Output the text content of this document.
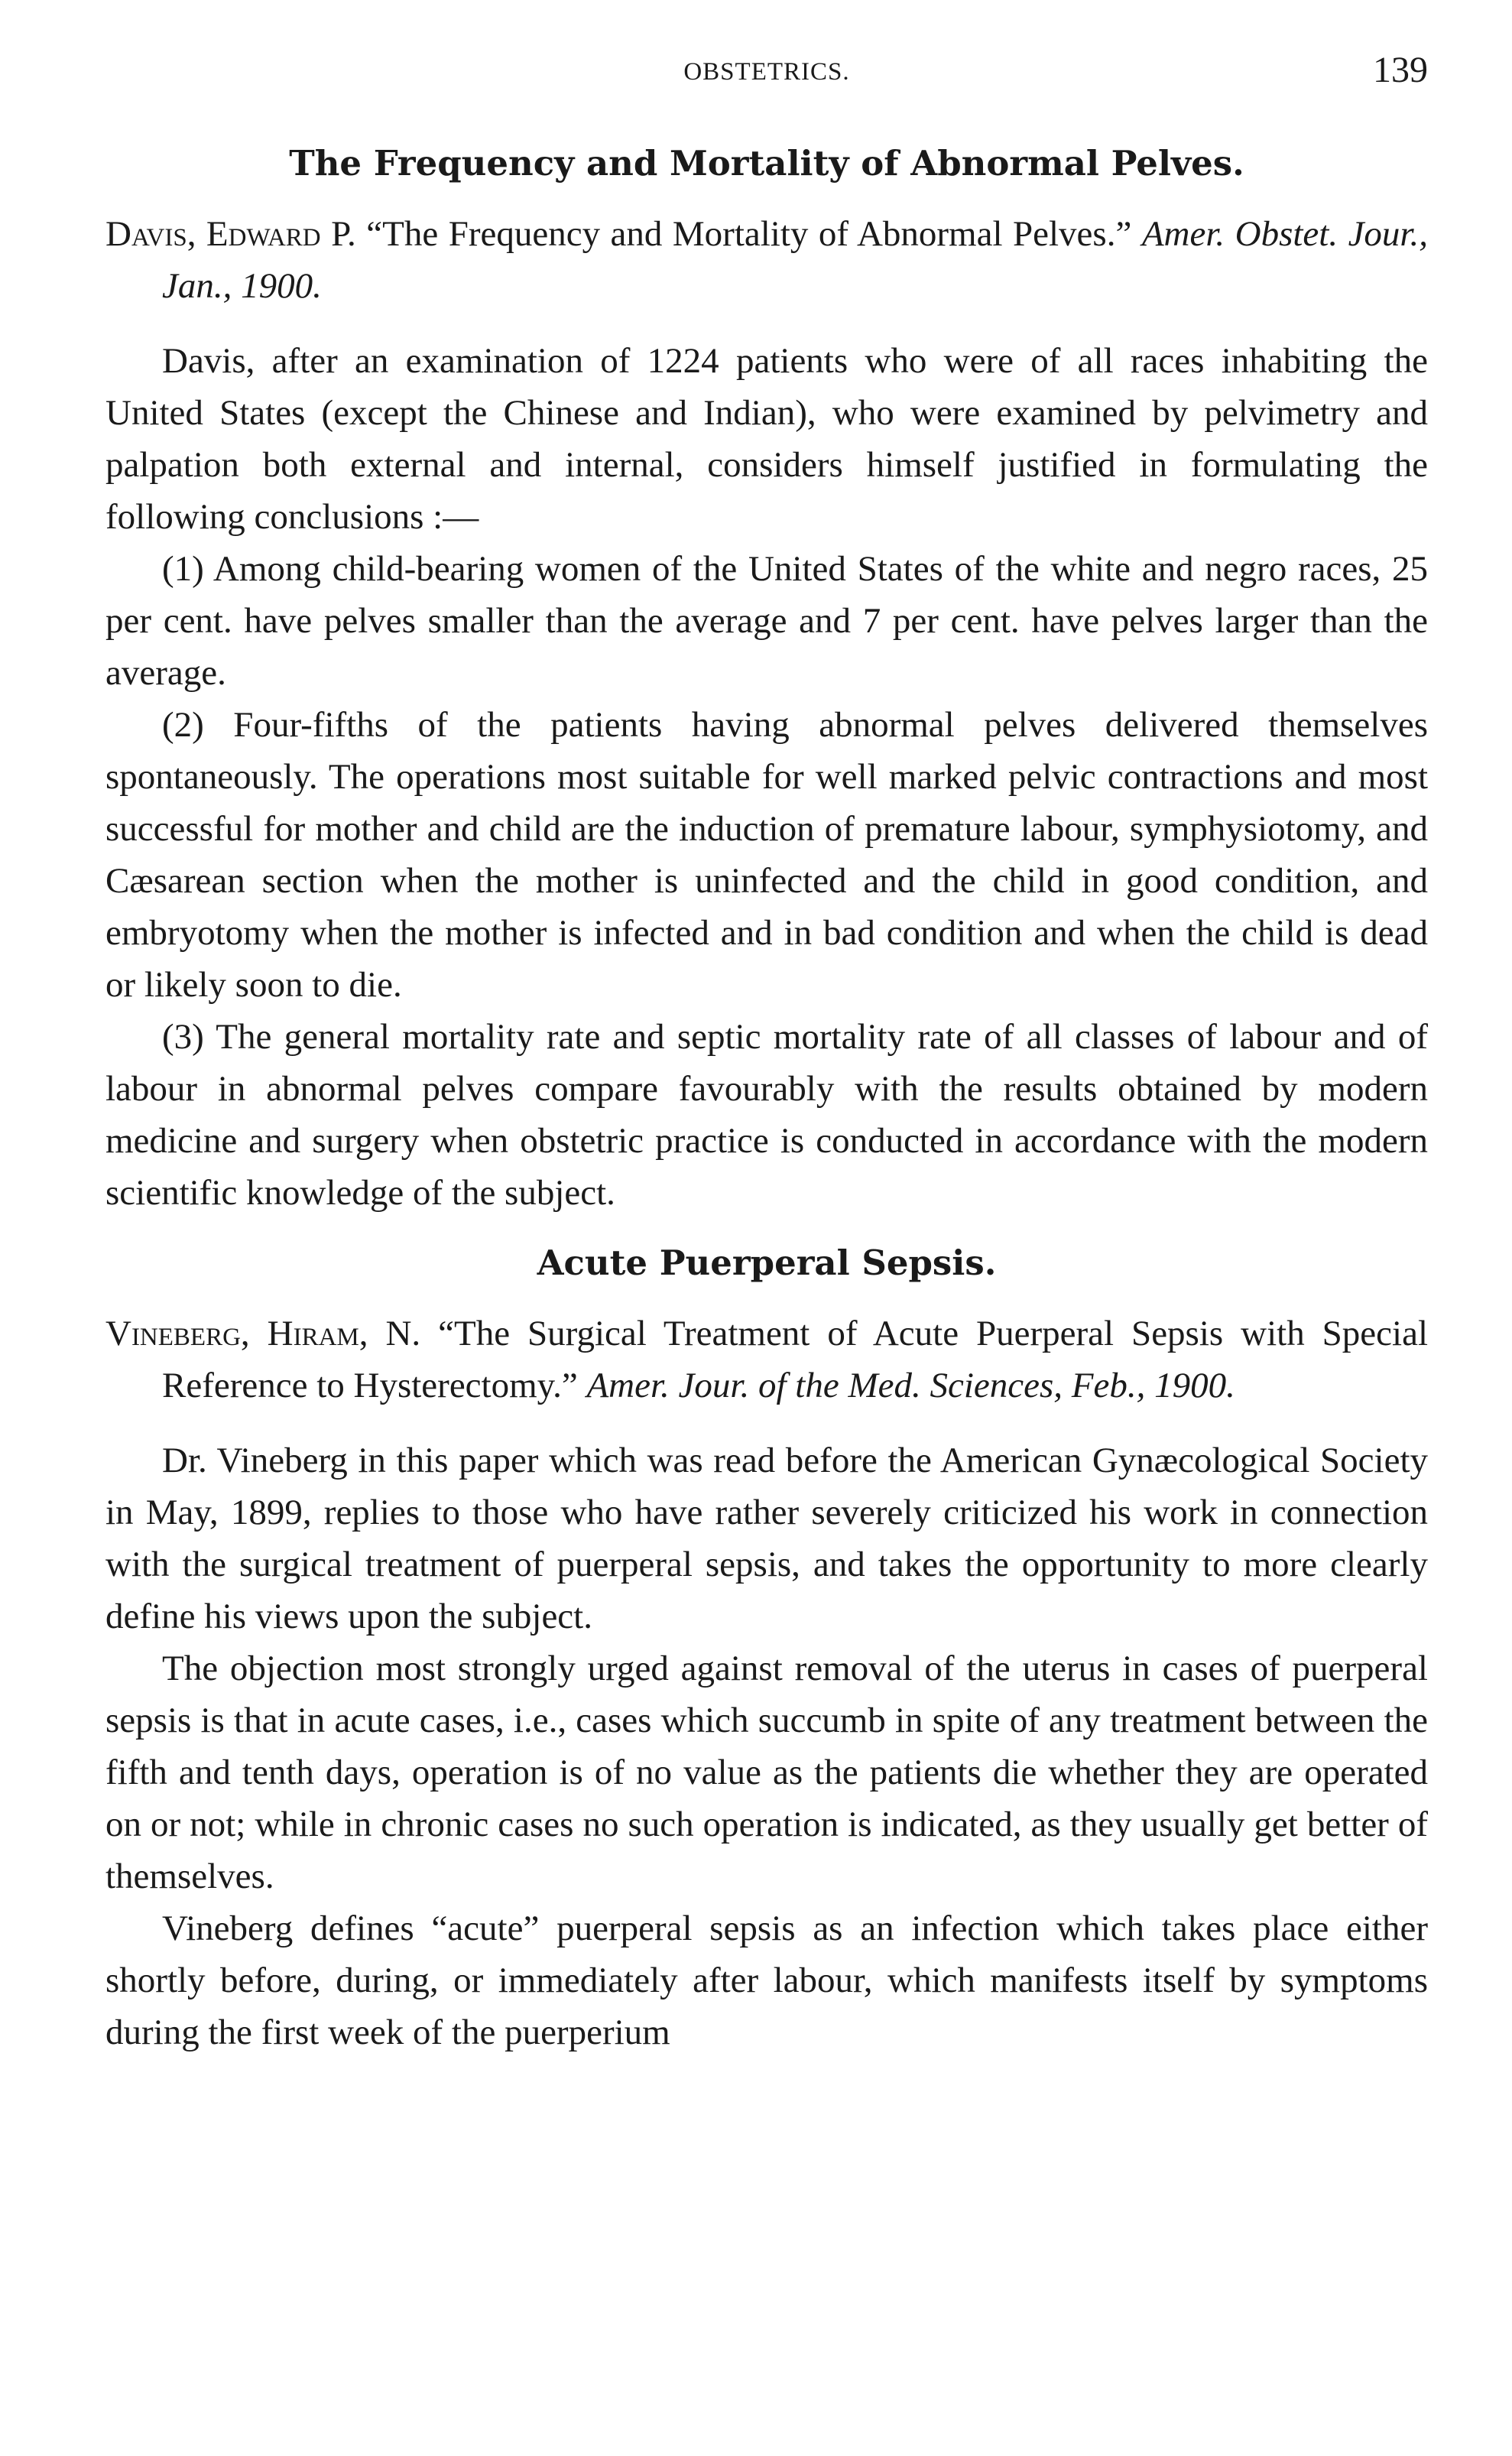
OBSTETRICS.	139
The Frequency and Mortality of Abnormal Pelves.

Davis, Edward P. “The Frequency and Mortality of Abnormal Pelves.” Amer. Obstet. Jour., Jan., 1900.

Davis, after an examination of 1224 patients who were of all races inhabiting the United States (except the Chinese and Indian), who were examined by pelvimetry and palpation both external and internal, considers himself justified in formulating the following conclusions :—

(1) Among child-bearing women of the United States of the white and negro races, 25 per cent. have pelves smaller than the average and 7 per cent. have pelves larger than the average.

(2) Four-fifths of the patients having abnormal pelves delivered themselves spontaneously. The operations most suitable for well marked pelvic contractions and most successful for mother and child are the induction of premature labour, symphysiotomy, and Cæsarean section when the mother is uninfected and the child in good condition, and embryotomy when the mother is infected and in bad condition and when the child is dead or likely soon to die.

(3) The general mortality rate and septic mortality rate of all classes of labour and of labour in abnormal pelves compare favourably with the results obtained by modern medicine and surgery when obstetric practice is conducted in accordance with the modern scientific knowledge of the subject.

Acute Puerperal Sepsis.

Vineberg, Hiram, N. “The Surgical Treatment of Acute Puerperal Sepsis with Special Reference to Hysterectomy.” Amer. Jour. of the Med. Sciences, Feb., 1900.

Dr. Vineberg in this paper which was read before the American Gynæcological Society in May, 1899, replies to those who have rather severely criticized his work in connection with the surgical treatment of puerperal sepsis, and takes the opportunity to more clearly define his views upon the subject.

The objection most strongly urged against removal of the uterus in cases of puerperal sepsis is that in acute cases, i.e., cases which succumb in spite of any treatment between the fifth and tenth days, operation is of no value as the patients die whether they are operated on or not; while in chronic cases no such operation is indicated, as they usually get better of themselves.

Vineberg defines “acute” puerperal sepsis as an infection which takes place either shortly before, during, or immediately after labour, which manifests itself by symptoms during the first week of the puerperium
